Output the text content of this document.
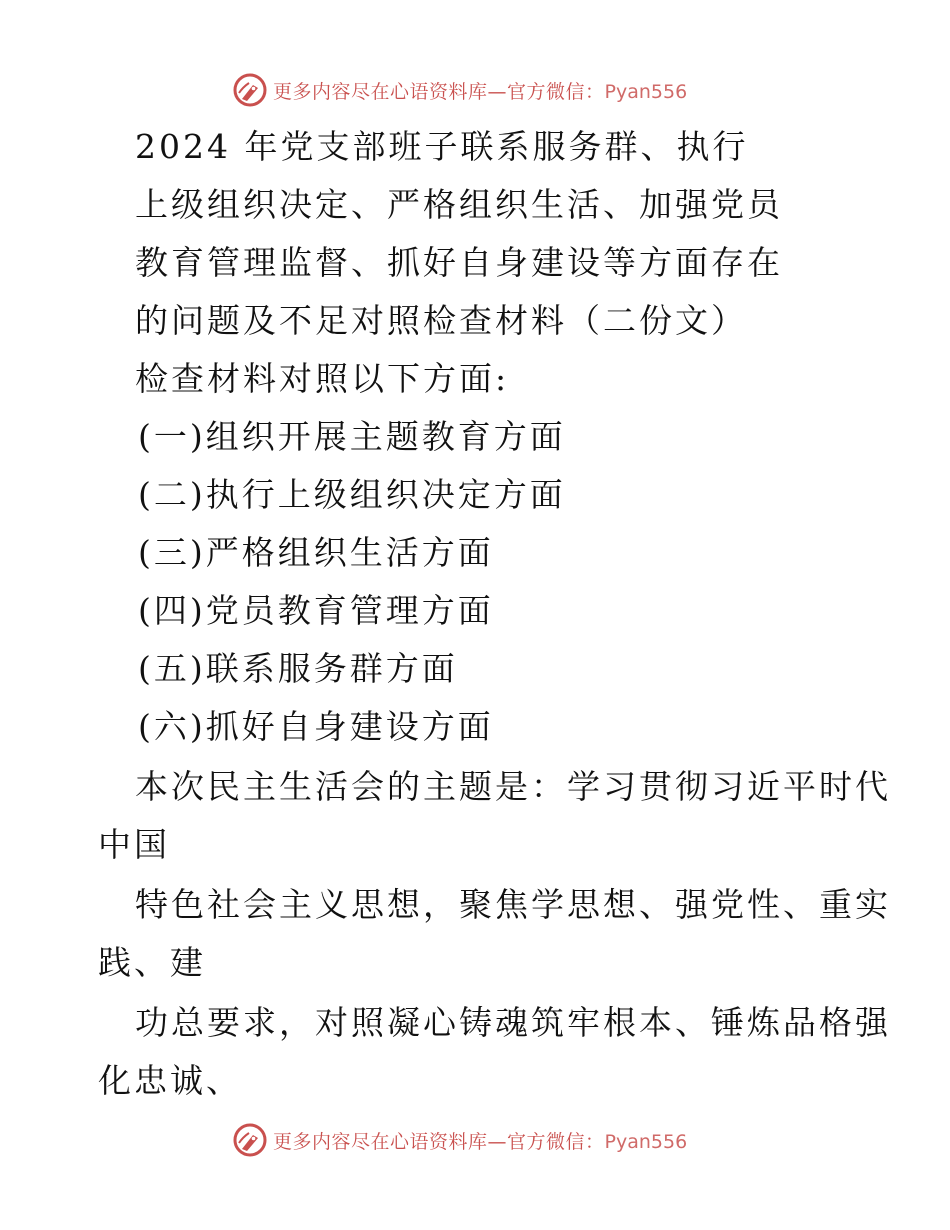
更多内容尽在心语资料库—官方微信：Pyan556
2024 年党支部班子联系服务群、执行
上级组织决定、严格组织生活、加强党员
教育管理监督、抓好自身建设等方面存在
的问题及不足对照检查材料（二份文）
检查材料对照以下方面:
(一)组织开展主题教育方面
(二)执行上级组织决定方面
(三)严格组织生活方面
(四)党员教育管理方面
(五)联系服务群方面
(六)抓好自身建设方面
本次民主生活会的主题是：学习贯彻习近平时代
中国
特色社会主义思想，聚焦学思想、强党性、重实
践、建
功总要求，对照凝心铸魂筑牢根本、锤炼品格强
化忠诚、
更多内容尽在心语资料库—官方微信：Pyan556
